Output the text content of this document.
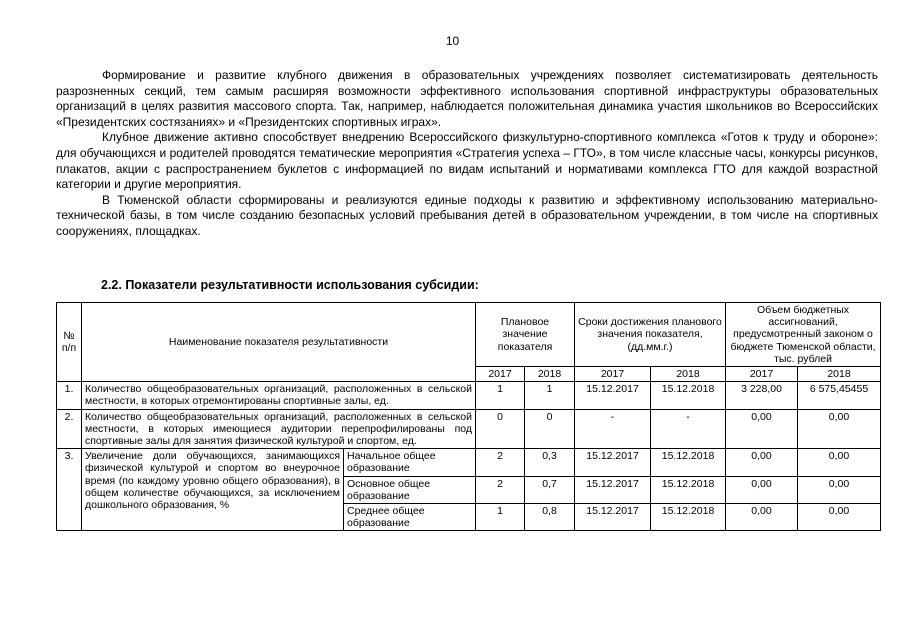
10

Формирование и развитие клубного движения в образовательных учреждениях позволяет систематизировать деятельность разрозненных секций, тем самым расширяя возможности эффективного использования спортивной инфраструктуры образовательных организаций в целях развития массового спорта. Так, например, наблюдается положительная динамика участия школьников во Всероссийских «Президентских состязаниях» и «Президентских спортивных играх».

Клубное движение активно способствует внедрению Всероссийского физкультурно-спортивного комплекса «Готов к труду и обороне»: для обучающихся и родителей проводятся тематические мероприятия «Стратегия успеха – ГТО», в том числе классные часы, конкурсы рисунков, плакатов, акции с распространением буклетов с информацией по видам испытаний и нормативами комплекса ГТО для каждой возрастной категории и другие мероприятия.

В Тюменской области сформированы и реализуются единые подходы к развитию и эффективному использованию материально-технической базы, в том числе созданию безопасных условий пребывания детей в образовательном учреждении, в том числе на спортивных сооружениях, площадках.

2.2. Показатели результативности использования субсидии:
№ п/п	Наименование показателя результативности		Плановое значение показателя		Сроки достижения планового значения показателя, (дд.мм.г.)		Объем бюджетных ассигнований, предусмотренный законом о бюджете Тюменской области, тыс. рублей	
			2017	2018	2017	2018	2017	2018
1.	Количество общеобразовательных организаций, расположенных в сельской местности, в которых отремонтированы спортивные залы, ед.		1	1	15.12.2017	15.12.2018	3 228,00	6 575,45455
2.	Количество общеобразовательных организаций, расположенных в сельской местности, в которых имеющиеся аудитории перепрофилированы под спортивные залы для занятия физической культурой и спортом, ед.		0	0	-	-	0,00	0,00
3.	Увеличение доли обучающихся, занимающихся физической культурой и спортом во внеурочное время (по каждому уровню общего образования), в общем количестве обучающихся, за исключением дошкольного образования, %	Начальное общее образование	2	0,3	15.12.2017	15.12.2018	0,00	0,00
		Основное общее образование	2	0,7	15.12.2017	15.12.2018	0,00	0,00
		Среднее общее образование	1	0,8	15.12.2017	15.12.2018	0,00	0,00
